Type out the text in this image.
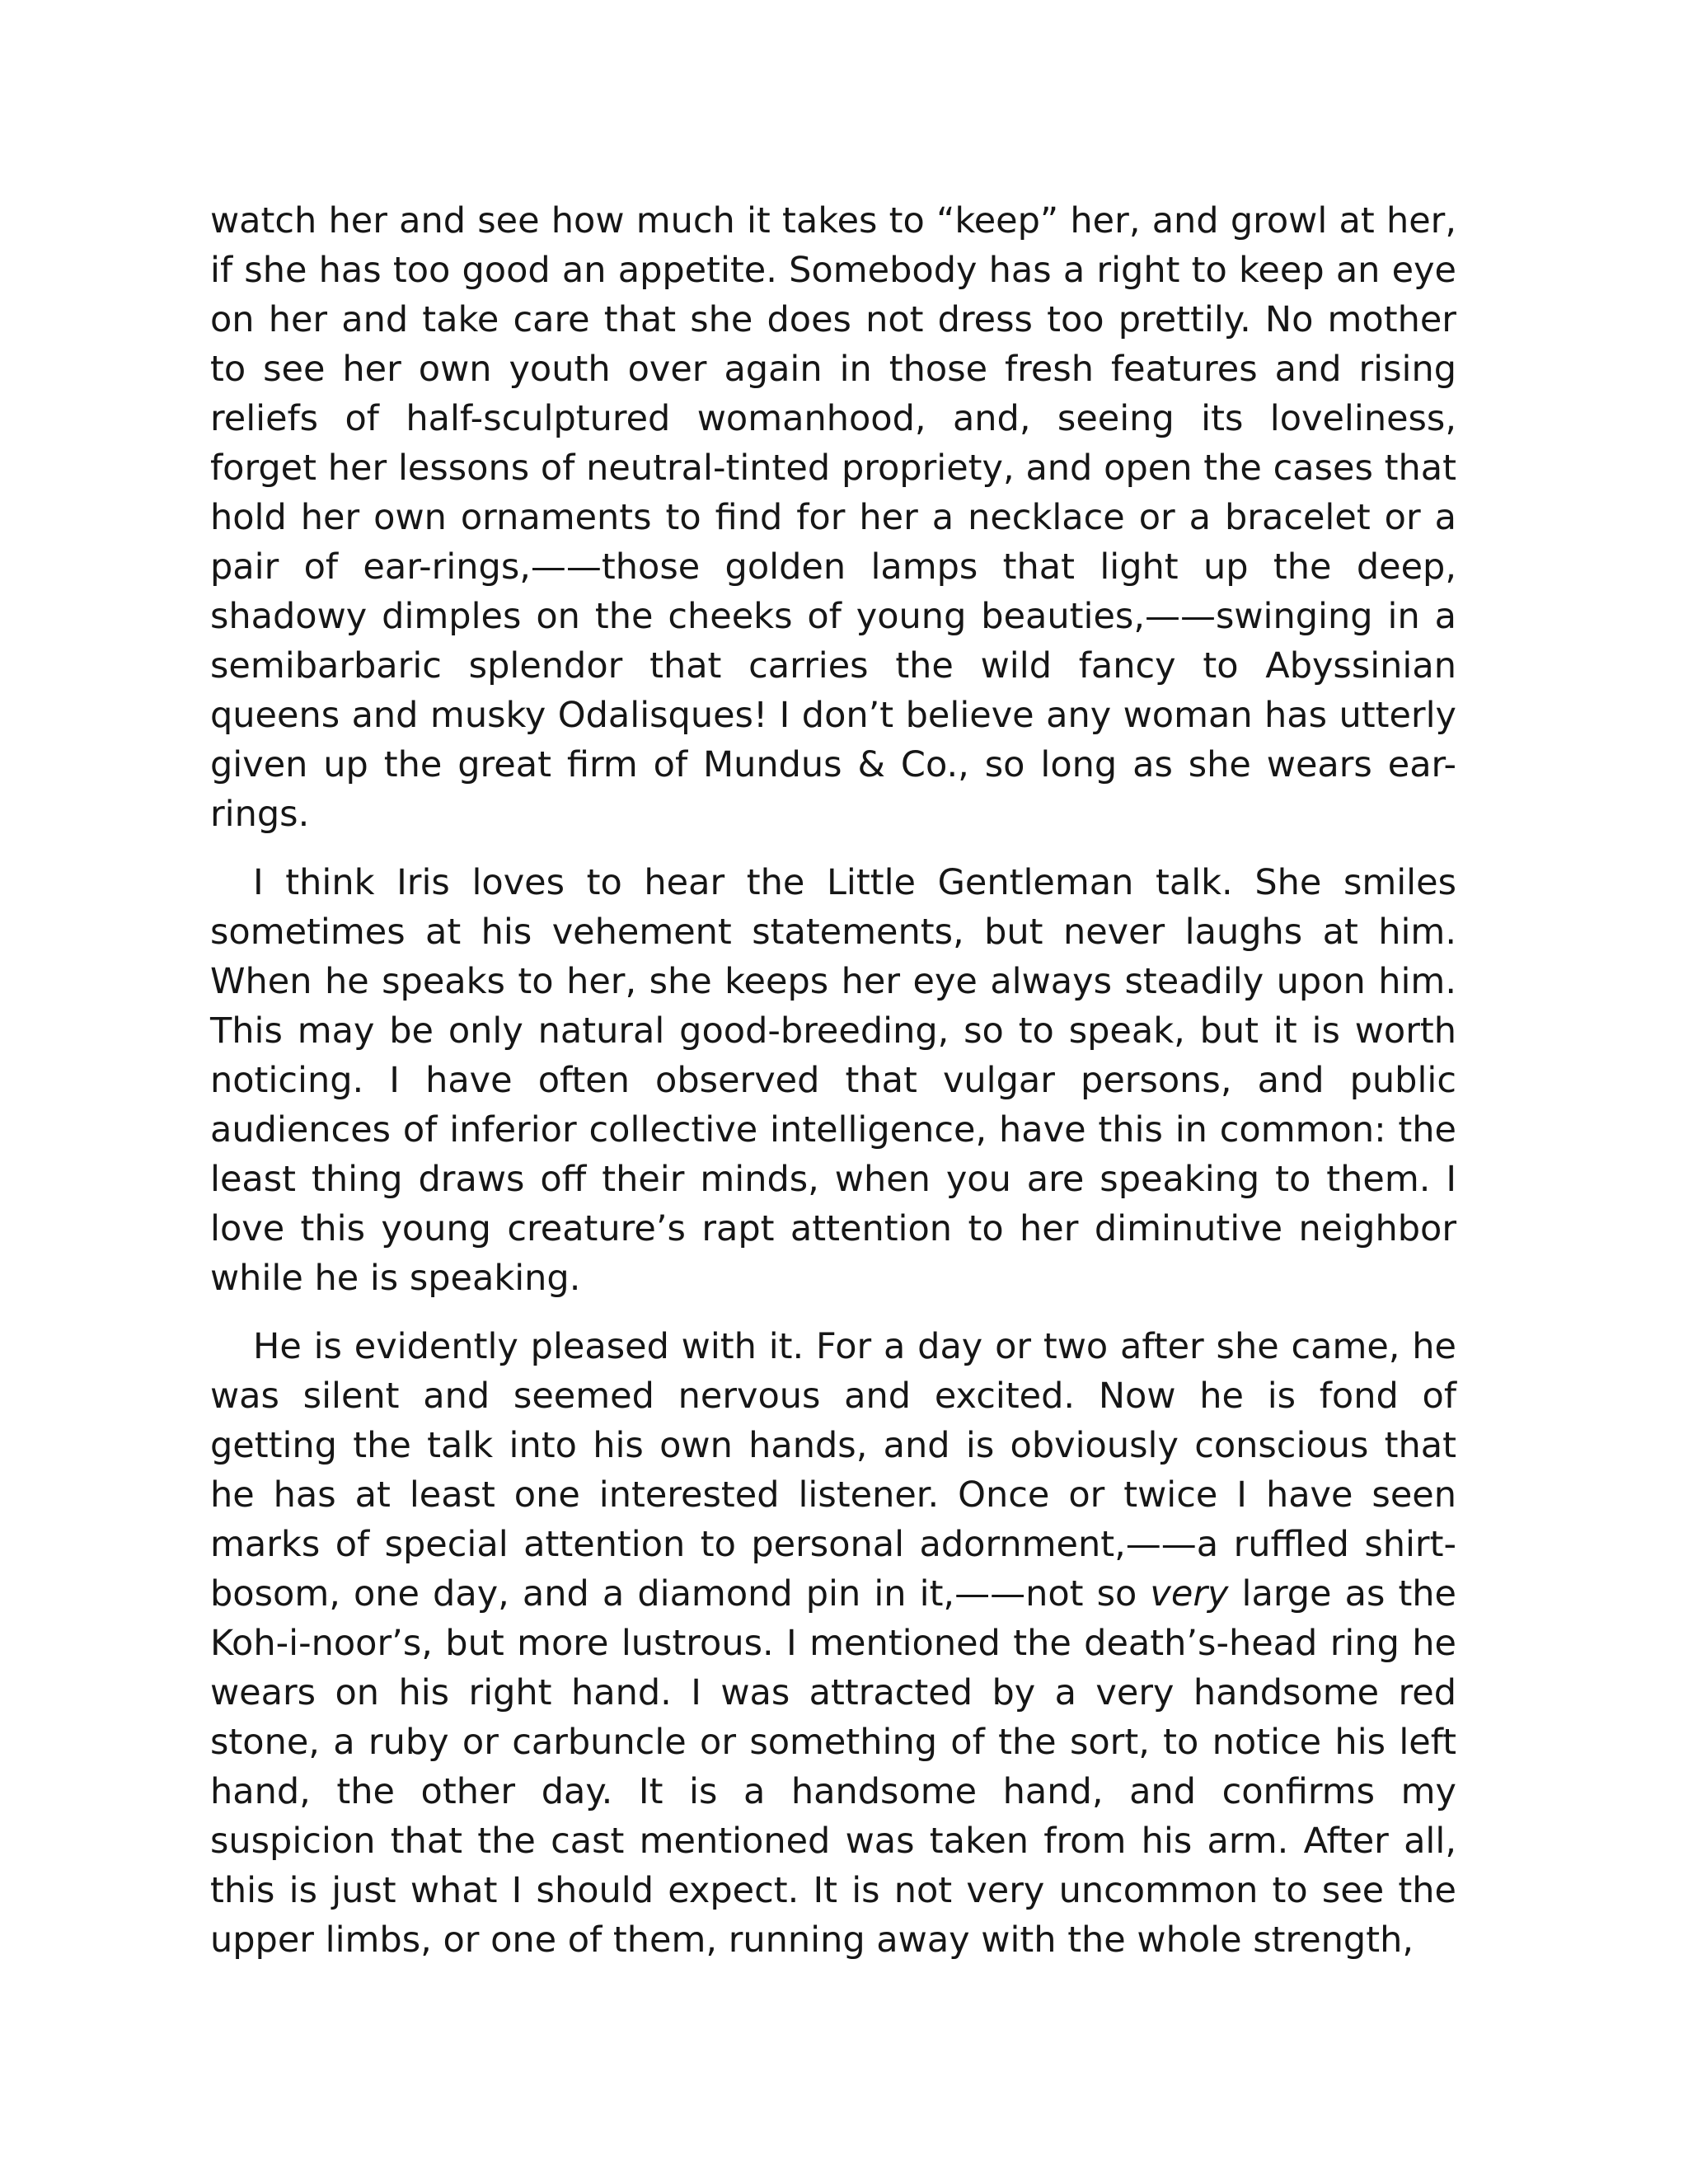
watch her and see how much it takes to “keep” her, and growl at her, if she has too good an appetite. Somebody has a right to keep an eye on her and take care that she does not dress too prettily. No mother to see her own youth over again in those fresh features and rising reliefs of half-sculptured womanhood, and, seeing its loveliness, forget her lessons of neutral-tinted propriety, and open the cases that hold her own ornaments to find for her a necklace or a bracelet or a pair of ear-rings,——those golden lamps that light up the deep, shadowy dimples on the cheeks of young beauties,——swinging in a semibarbaric splendor that carries the wild fancy to Abyssinian queens and musky Odalisques! I don’t believe any woman has utterly given up the great firm of Mundus & Co., so long as she wears ear-rings.

I think Iris loves to hear the Little Gentleman talk. She smiles sometimes at his vehement statements, but never laughs at him. When he speaks to her, she keeps her eye always steadily upon him. This may be only natural good-breeding, so to speak, but it is worth noticing. I have often observed that vulgar persons, and public audiences of inferior collective intelligence, have this in common: the least thing draws off their minds, when you are speaking to them. I love this young creature’s rapt attention to her diminutive neighbor while he is speaking.

He is evidently pleased with it. For a day or two after she came, he was silent and seemed nervous and excited. Now he is fond of getting the talk into his own hands, and is obviously conscious that he has at least one interested listener. Once or twice I have seen marks of special attention to personal adornment,——a ruffled shirt-bosom, one day, and a diamond pin in it,——not so very large as the Koh-i-noor’s, but more lustrous. I mentioned the death’s-head ring he wears on his right hand. I was attracted by a very handsome red stone, a ruby or carbuncle or something of the sort, to notice his left hand, the other day. It is a handsome hand, and confirms my suspicion that the cast mentioned was taken from his arm. After all, this is just what I should expect. It is not very uncommon to see the upper limbs, or one of them, running away with the whole strength,
